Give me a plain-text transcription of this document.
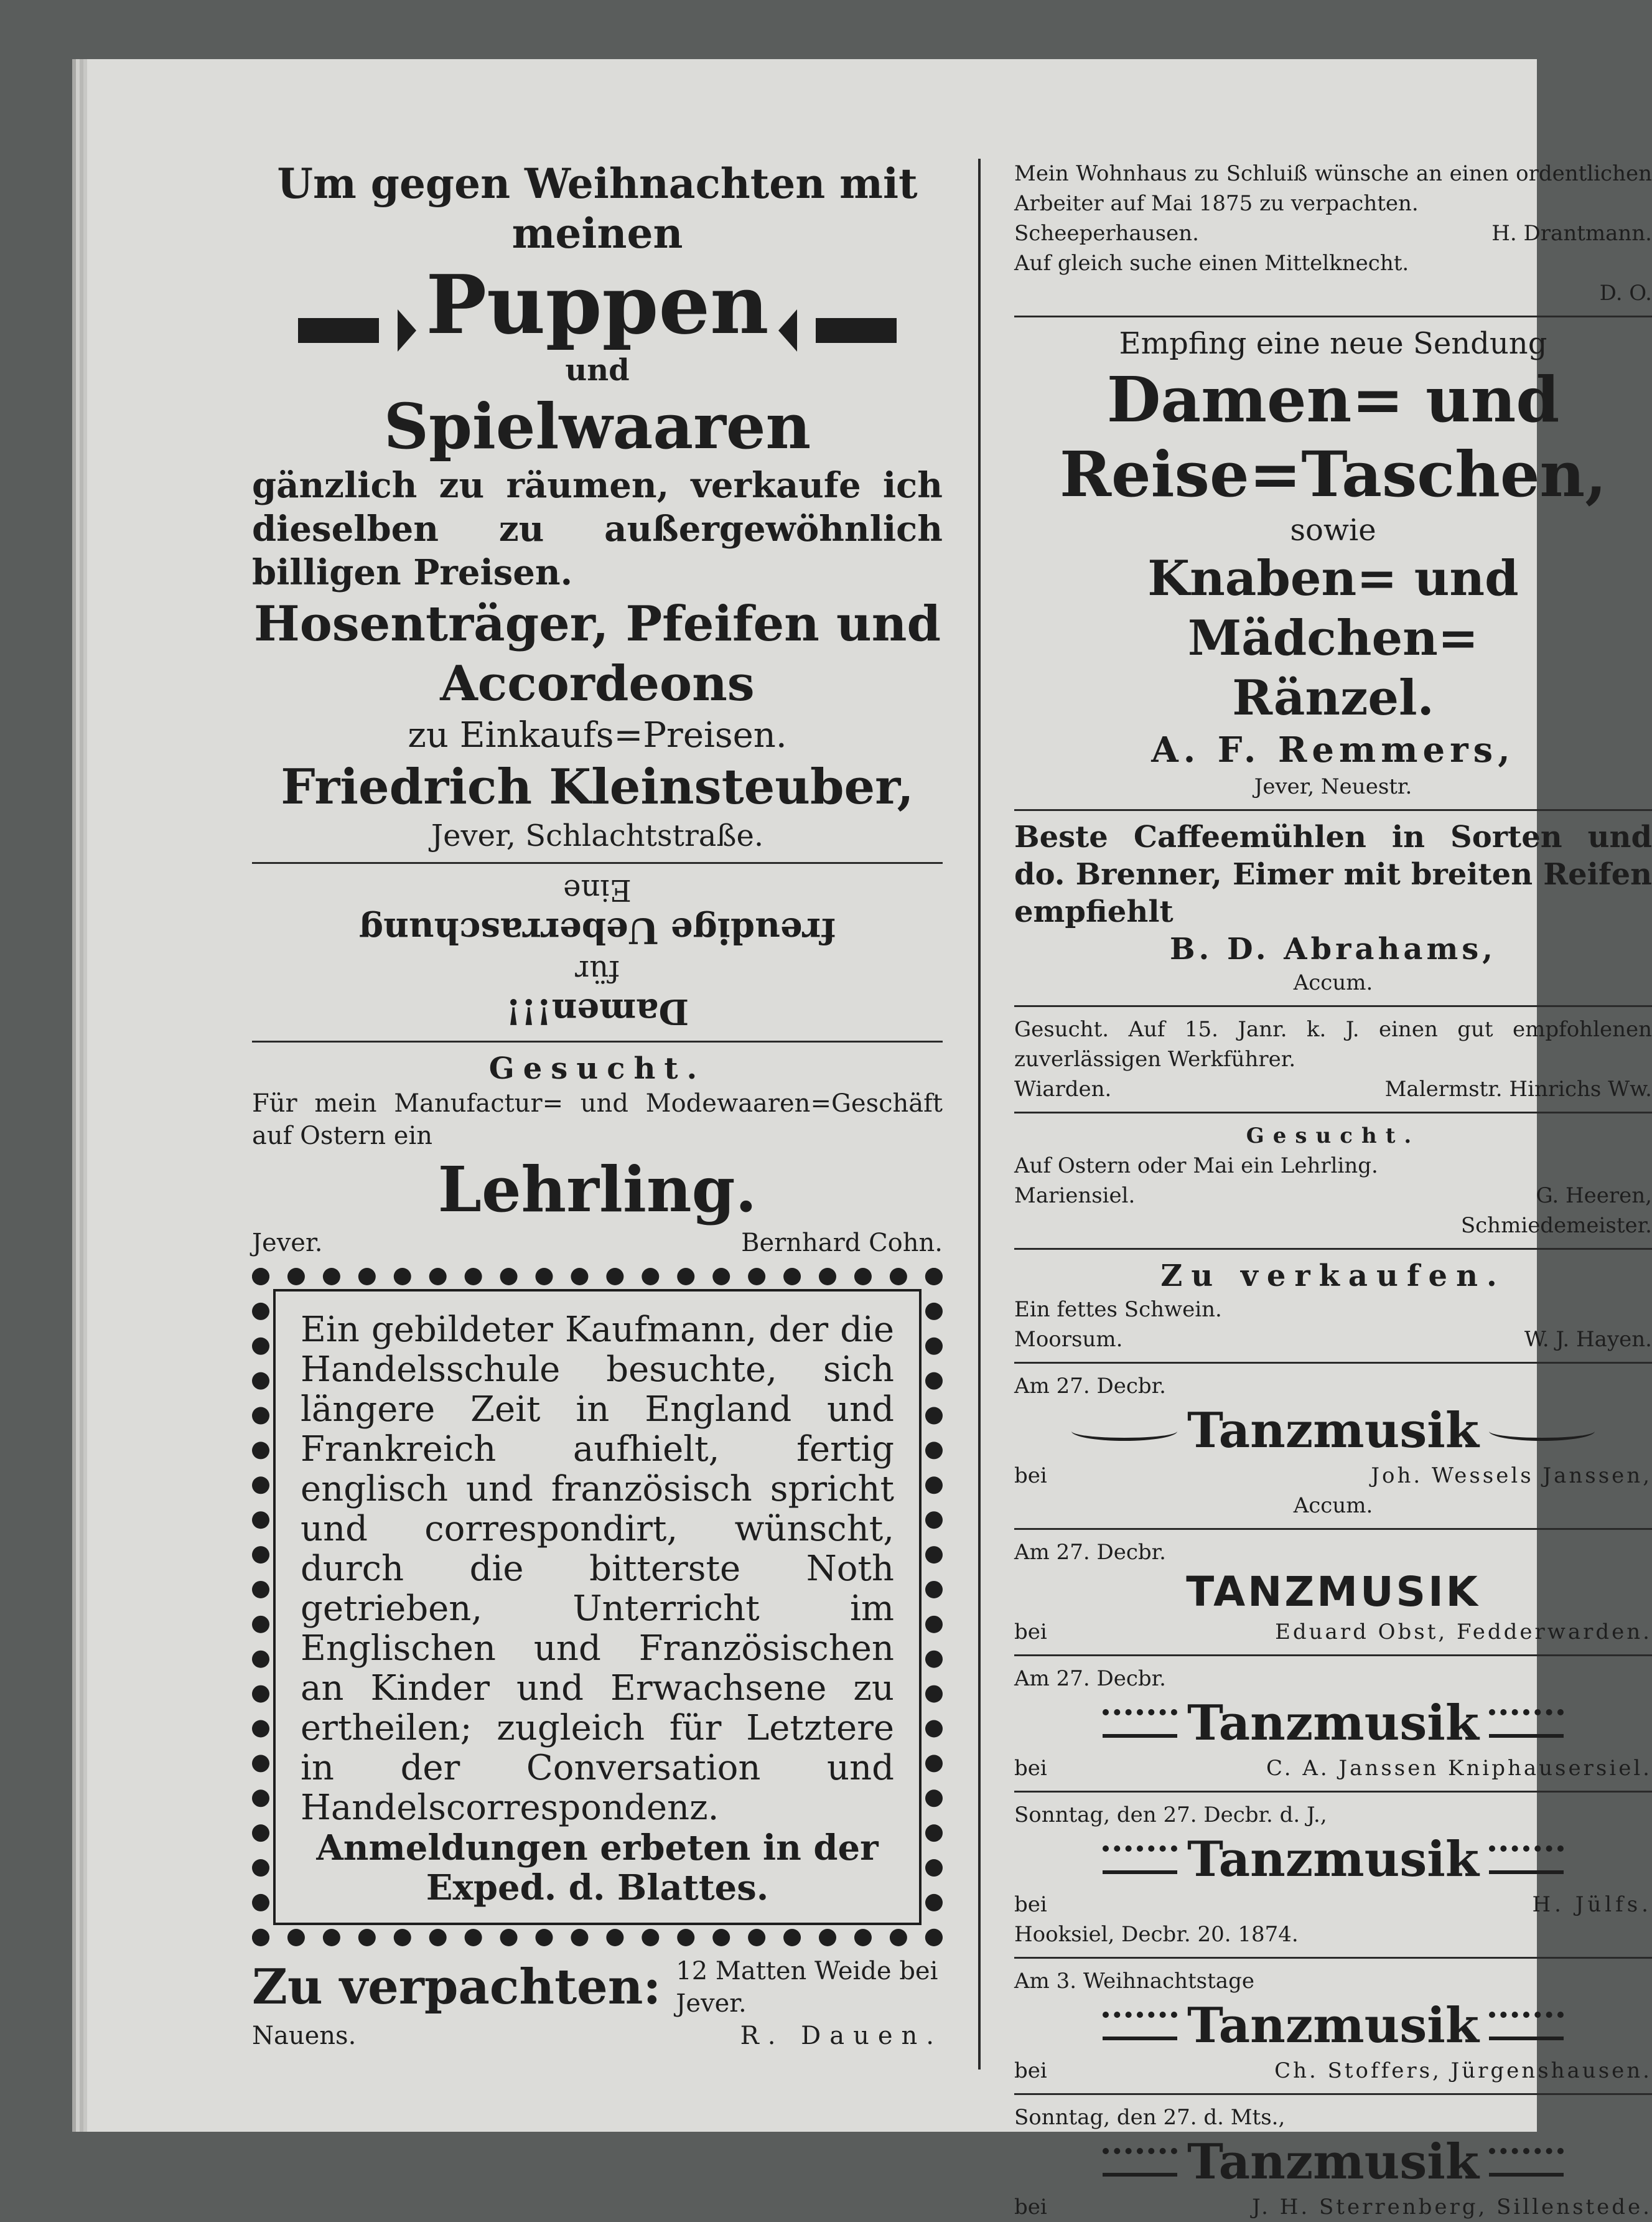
Um gegen Weihnachten mit meinen
Puppen
und
Spielwaaren
gänzlich zu räumen, verkaufe ich dieselben zu außergewöhnlich billigen Preisen.
Hosenträger, Pfeifen und
Accordeons
zu Einkaufs=Preisen.
Friedrich Kleinsteuber,
Jever, Schlachtstraße.
Damen!!!
für
freudige Ueberraschung
Eine
Gesucht.
Für mein Manufactur= und Modewaaren=Geschäft auf Ostern ein
Lehrling.
Jever.	Bernhard Cohn.
Ein gebildeter Kaufmann, der die Handelsschule besuchte, sich längere Zeit in England und Frankreich aufhielt, fertig englisch und französisch spricht und correspondirt, wünscht, durch die bitterste Noth getrieben, Unterricht im Englischen und Französischen an Kinder und Erwachsene zu ertheilen; zugleich für Letztere in der Conversation und Handelscorrespondenz.
Anmeldungen erbeten in der Exped. d. Blattes.
Zu verpachten: 12 Matten Weide bei Jever.
Nauens.	R. Dauen.
Mein Wohnhaus zu Schluiß wünsche an einen ordentlichen Arbeiter auf Mai 1875 zu verpachten.
Scheeperhausen.	H. Drantmann.
Auf gleich suche einen Mittelknecht.
D. O.
Empfing eine neue Sendung
Damen= und
Reise=Taschen,
sowie
Knaben= und Mädchen=
Ränzel.
A. F. Remmers,
Jever, Neuestr.
Beste Caffeemühlen in Sorten und do. Brenner, Eimer mit breiten Reifen empfiehlt
B. D. Abrahams,
Accum.
Gesucht. Auf 15. Janr. k. J. einen gut empfohlenen zuverlässigen Werkführer.
Wiarden.	Malermstr. Hinrichs Ww.
Gesucht.
Auf Ostern oder Mai ein Lehrling.
Mariensiel.	G. Heeren,
Schmiedemeister.
Zu verkaufen.
Ein fettes Schwein.
Moorsum.	W. J. Hayen.
Am 27. Decbr.
Tanzmusik
bei	Joh. Wessels Janssen,
Accum.
Am 27. Decbr.
TANZMUSIK
bei	Eduard Obst, Fedderwarden.
Am 27. Decbr.
Tanzmusik
bei	C. A. Janssen Kniphausersiel.
Sonntag, den 27. Decbr. d. J.,
Tanzmusik
bei	H. Jülfs.
Hooksiel, Decbr. 20. 1874.
Am 3. Weihnachtstage
Tanzmusik
bei	Ch. Stoffers, Jürgenshausen.
Sonntag, den 27. d. Mts.,
Tanzmusik
bei	J. H. Sterrenberg, Sillenstede.
